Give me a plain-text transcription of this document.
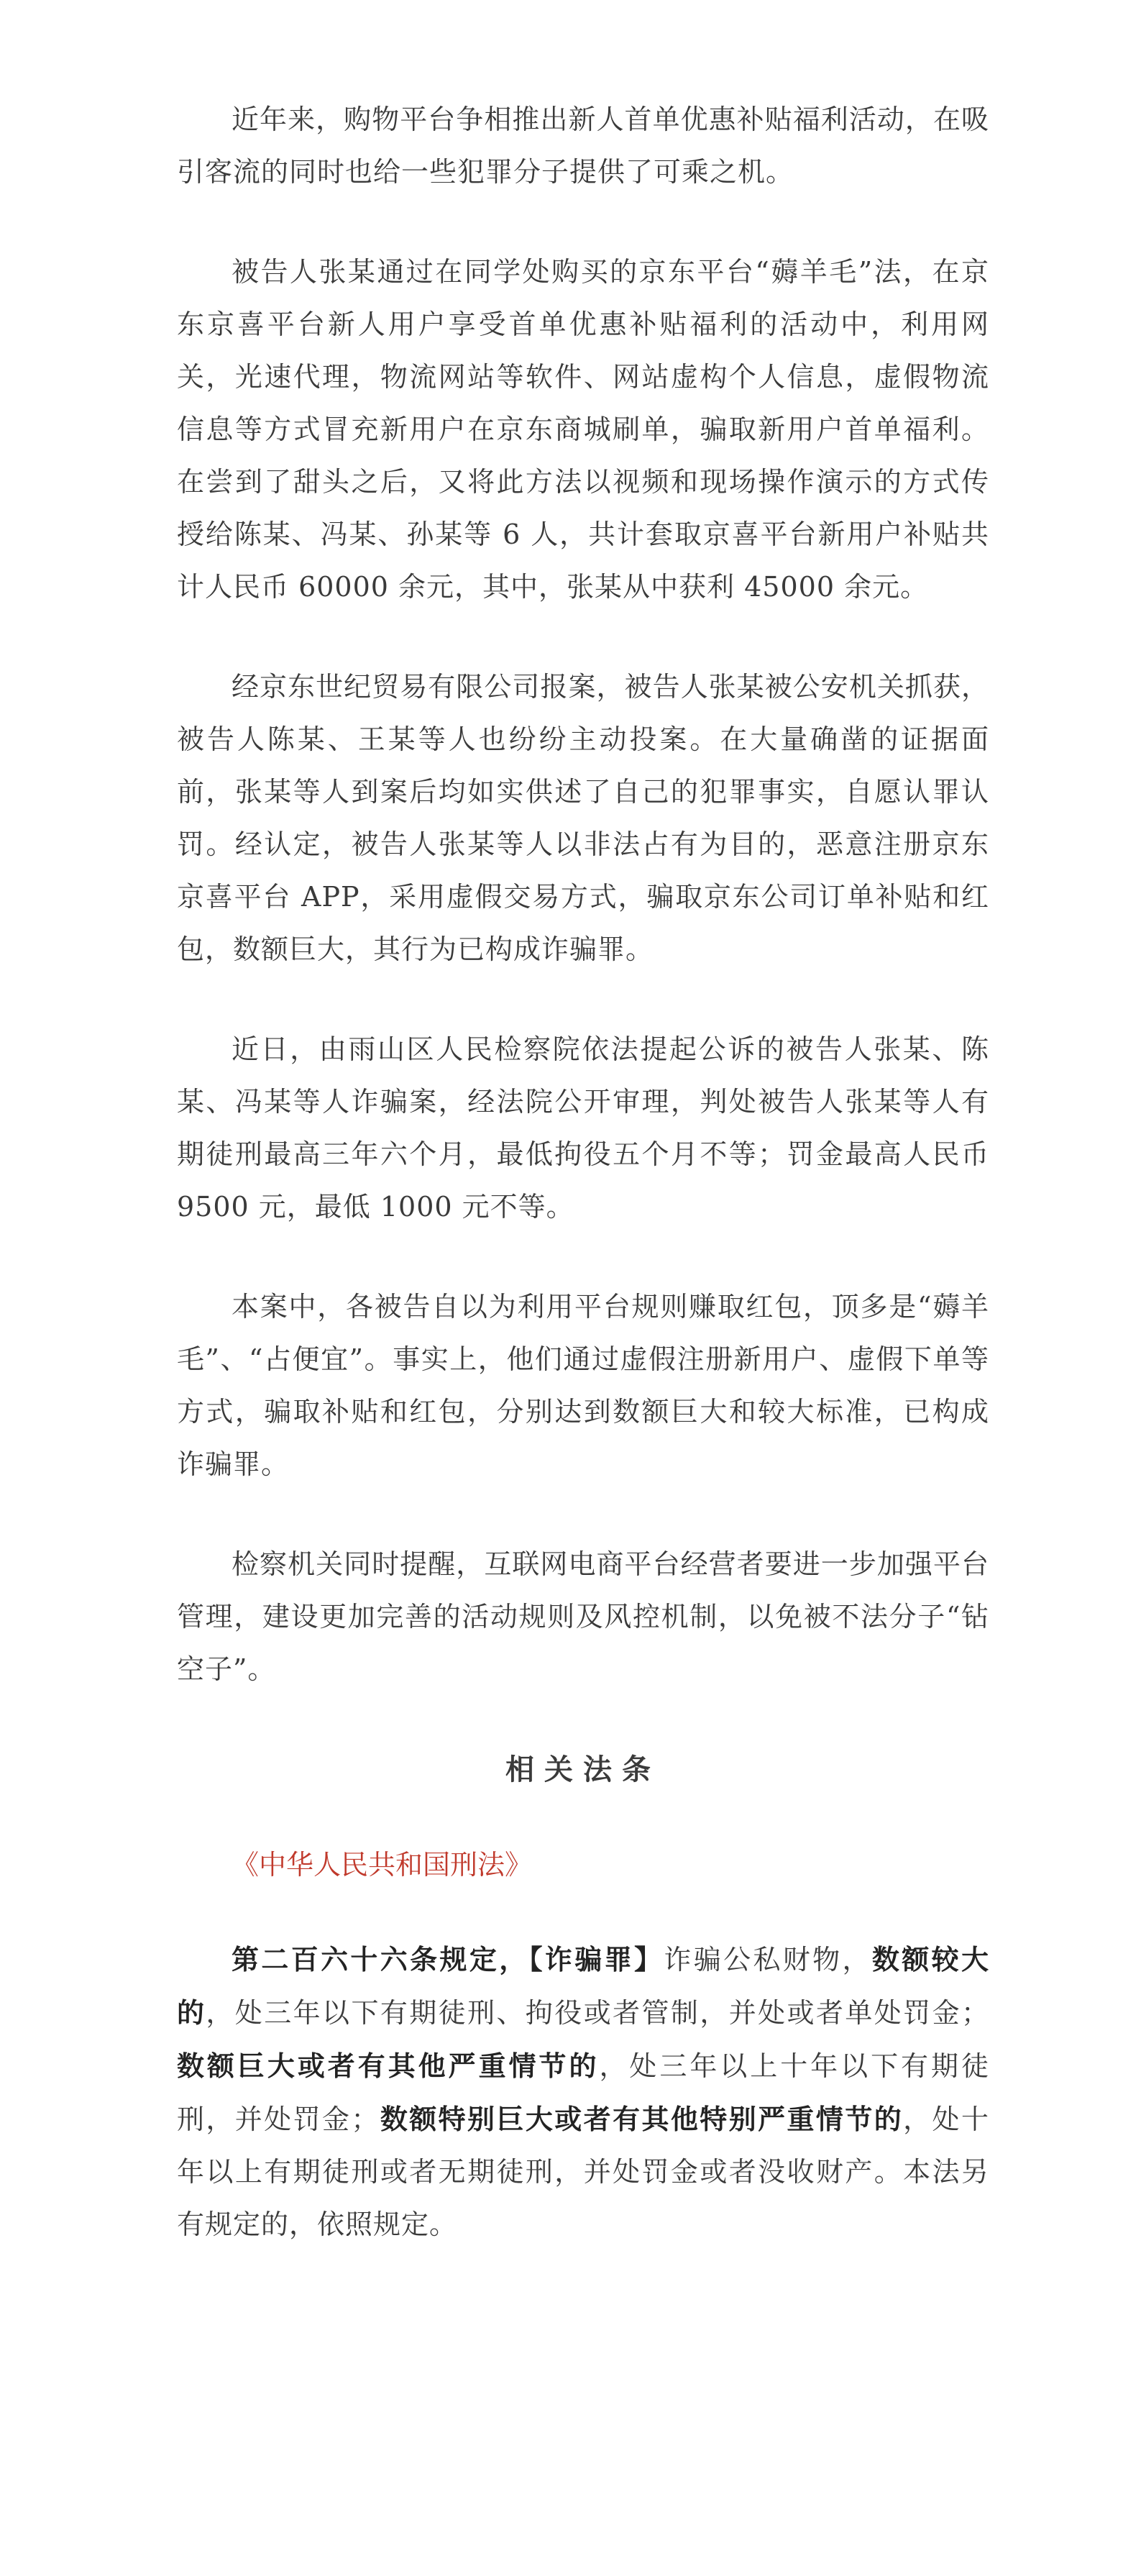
近年来，购物平台争相推出新人首单优惠补贴福利活动，在吸引客流的同时也给一些犯罪分子提供了可乘之机。

被告人张某通过在同学处购买的京东平台“薅羊毛”法，在京东京喜平台新人用户享受首单优惠补贴福利的活动中，利用网关，光速代理，物流网站等软件、网站虚构个人信息，虚假物流信息等方式冒充新用户在京东商城刷单，骗取新用户首单福利。在尝到了甜头之后，又将此方法以视频和现场操作演示的方式传授给陈某、冯某、孙某等 6 人，共计套取京喜平台新用户补贴共计人民币 60000 余元，其中，张某从中获利 45000 余元。

经京东世纪贸易有限公司报案，被告人张某被公安机关抓获，被告人陈某、王某等人也纷纷主动投案。在大量确凿的证据面前，张某等人到案后均如实供述了自己的犯罪事实，自愿认罪认罚。经认定，被告人张某等人以非法占有为目的，恶意注册京东京喜平台 APP，采用虚假交易方式，骗取京东公司订单补贴和红包，数额巨大，其行为已构成诈骗罪。

近日，由雨山区人民检察院依法提起公诉的被告人张某、陈某、冯某等人诈骗案，经法院公开审理，判处被告人张某等人有期徒刑最高三年六个月，最低拘役五个月不等；罚金最高人民币 9500 元，最低 1000 元不等。

本案中，各被告自以为利用平台规则赚取红包，顶多是“薅羊毛”、“占便宜”。事实上，他们通过虚假注册新用户、虚假下单等方式，骗取补贴和红包，分别达到数额巨大和较大标准，已构成诈骗罪。

检察机关同时提醒，互联网电商平台经营者要进一步加强平台管理，建设更加完善的活动规则及风控机制，以免被不法分子“钻空子”。

相关法条
《中华人民共和国刑法》

第二百六十六条规定，【诈骗罪】诈骗公私财物，数额较大的，处三年以下有期徒刑、拘役或者管制，并处或者单处罚金；数额巨大或者有其他严重情节的，处三年以上十年以下有期徒刑，并处罚金；数额特别巨大或者有其他特别严重情节的，处十年以上有期徒刑或者无期徒刑，并处罚金或者没收财产。本法另有规定的，依照规定。
